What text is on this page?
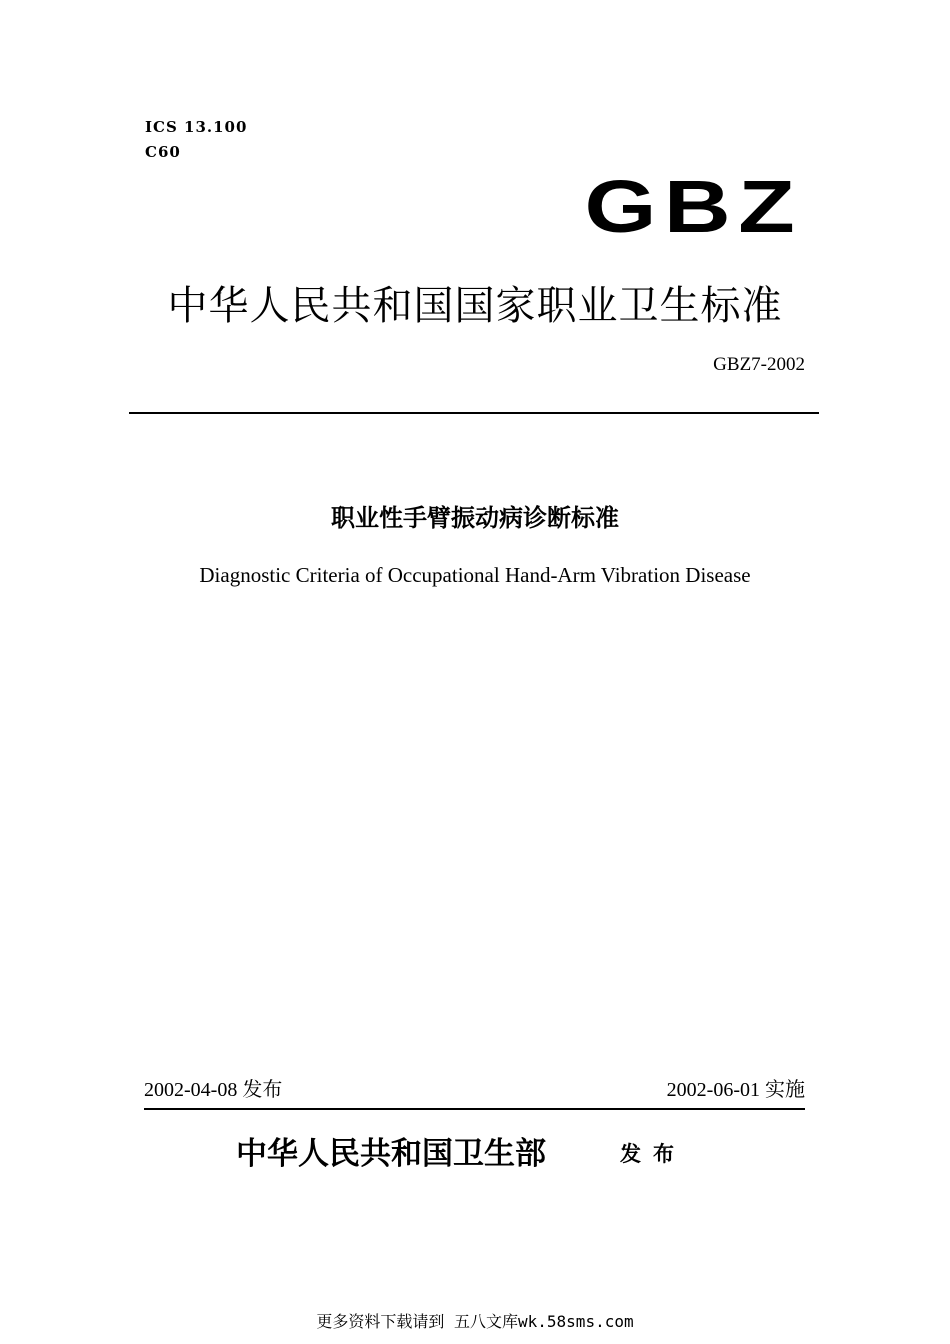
ICS 13.100
C60
GBZ
中华人民共和国国家职业卫生标准
GBZ7-2002
职业性手臂振动病诊断标准
Diagnostic Criteria of Occupational Hand-Arm Vibration Disease
2002-04-08 发布	2002-06-01 实施
中华人民共和国卫生部	发布
更多资料下载请到 五八文库wk.58sms.com
